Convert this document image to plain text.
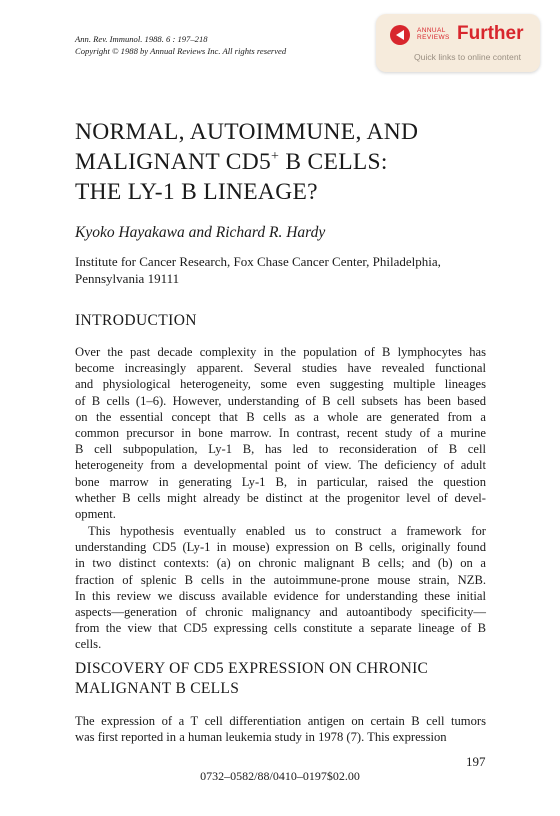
Ann. Rev. Immunol. 1988. 6 : 197–218
Copyright © 1988 by Annual Reviews Inc. All rights reserved
ANNUAL
REVIEWS Further
Quick links to online content
NORMAL, AUTOIMMUNE, AND
MALIGNANT CD5+ B CELLS:
THE LY-1 B LINEAGE?
Kyoko Hayakawa and Richard R. Hardy
Institute for Cancer Research, Fox Chase Cancer Center, Philadelphia,
Pennsylvania 19111
INTRODUCTION
Over the past decade complexity in the population of B lymphocytes has
become increasingly apparent. Several studies have revealed functional
and physiological heterogeneity, some even suggesting multiple lineages
of B cells (1–6). However, understanding of B cell subsets has been based
on the essential concept that B cells as a whole are generated from a
common precursor in bone marrow. In contrast, recent study of a murine
B cell subpopulation, Ly-1 B, has led to reconsideration of B cell
heterogeneity from a developmental point of view. The deficiency of adult
bone marrow in generating Ly-1 B, in particular, raised the question
whether B cells might already be distinct at the progenitor level of devel-
opment.
This hypothesis eventually enabled us to construct a framework for
understanding CD5 (Ly-1 in mouse) expression on B cells, originally found
in two distinct contexts: (a) on chronic malignant B cells; and (b) on a
fraction of splenic B cells in the autoimmune-prone mouse strain, NZB.
In this review we discuss available evidence for understanding these initial
aspects—generation of chronic malignancy and autoantibody specificity—
from the view that CD5 expressing cells constitute a separate lineage of B
cells.
DISCOVERY OF CD5 EXPRESSION ON CHRONIC
MALIGNANT B CELLS
The expression of a T cell differentiation antigen on certain B cell tumors
was first reported in a human leukemia study in 1978 (7). This expression
197
0732–0582/88/0410–0197$02.00
